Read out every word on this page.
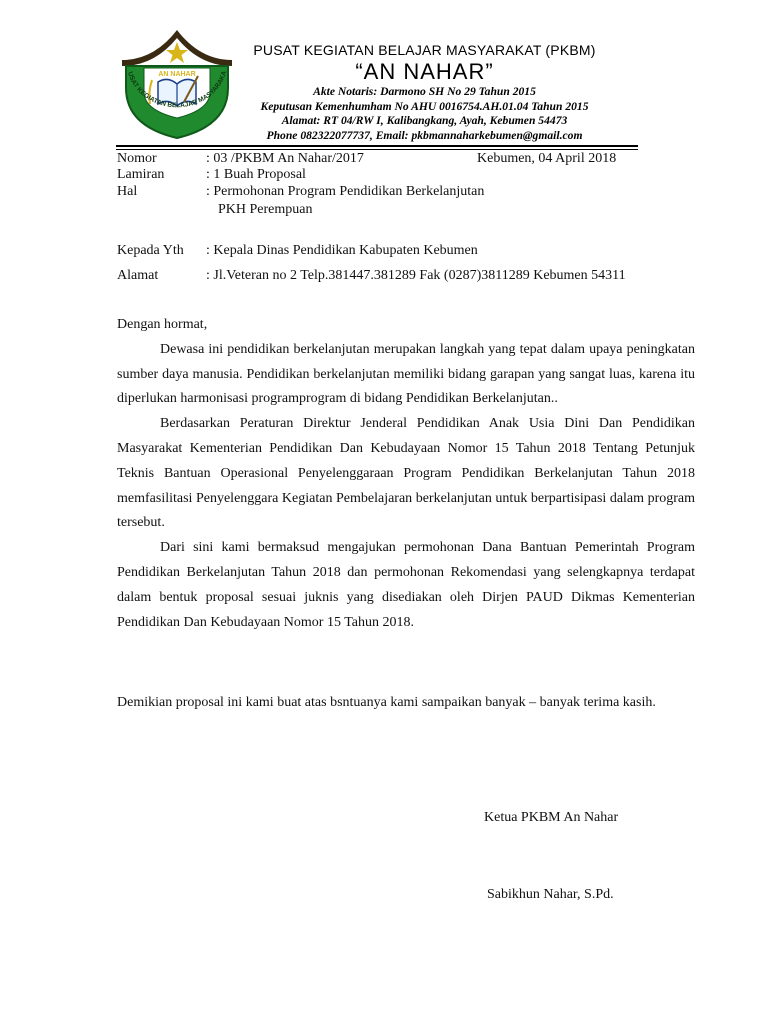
AN NAHAR
USAT KEGIATAN BELAJAR MASYARAKA
PUSAT KEGIATAN BELAJAR MASYARAKAT (PKBM)
“AN NAHAR”
Akte Notaris: Darmono SH No 29 Tahun 2015
Keputusan Kemenhumham No AHU 0016754.AH.01.04 Tahun 2015
Alamat: RT 04/RW I, Kalibangkang, Ayah, Kebumen 54473
Phone 082322077737, Email: pkbmannaharkebumen@gmail.com
Nomor	: 03 /PKBM An Nahar/2017	Kebumen, 04 April 2018
Lamiran	: 1 Buah Proposal
Hal	: Permohonan Program Pendidikan Berkelanjutan
PKH Perempuan
Kepada Yth : Kepala Dinas Pendidikan Kabupaten Kebumen
Alamat	: Jl.Veteran no 2 Telp.381447.381289 Fak (0287)3811289 Kebumen 54311

Dengan hormat,

Dewasa ini pendidikan berkelanjutan merupakan langkah yang tepat dalam upaya peningkatan sumber daya manusia. Pendidikan berkelanjutan memiliki bidang garapan yang sangat luas, karena itu diperlukan harmonisasi programprogram di bidang Pendidikan Berkelanjutan..

Berdasarkan Peraturan Direktur Jenderal Pendidikan Anak Usia Dini Dan Pendidikan Masyarakat Kementerian Pendidikan Dan Kebudayaan Nomor 15 Tahun 2018 Tentang Petunjuk Teknis Bantuan Operasional Penyelenggaraan Program Pendidikan Berkelanjutan Tahun 2018 memfasilitasi Penyelenggara Kegiatan Pembelajaran berkelanjutan untuk berpartisipasi dalam program tersebut.

Dari sini kami bermaksud mengajukan permohonan Dana Bantuan Pemerintah Program Pendidikan Berkelanjutan Tahun 2018 dan permohonan Rekomendasi yang selengkapnya terdapat dalam bentuk proposal sesuai juknis yang disediakan oleh Dirjen PAUD Dikmas Kementerian Pendidikan Dan Kebudayaan Nomor 15 Tahun 2018.

Demikian proposal ini kami buat atas bsntuanya kami sampaikan banyak – banyak terima kasih.

Ketua PKBM An Nahar
Sabikhun Nahar, S.Pd.
